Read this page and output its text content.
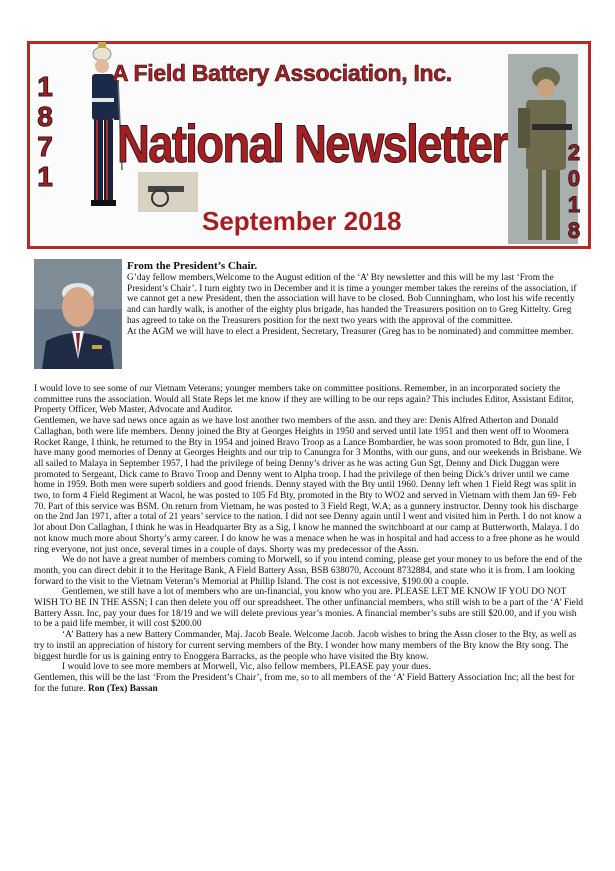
1
8
7
1
A Field Battery Association, Inc.
National Newsletter
September 2018
2
0
1
8
From the President’s Chair.

G’day fellow members,Welcome to the August edition of the ‘A’ Bty newsletter and this will be my last ‘From the President’s Chair’. I turn eighty two in December and it is time a younger member takes the rereins of the association, if we cannot get a new President, then the association will have to be closed. Bob Cunningham, who lost his wife recently and can hardly walk, is another of the eighty plus brigade, has handed the Treasurers position on to Greg Kittelty. Greg has agreed to take on the Treasurers position for the next two years with the approval of the committee.

At the AGM we will have to elect a President, Secretary, Treasurer (Greg has to be nominated) and committee member.

I would love to see some of our Vietnam Veterans; younger members take on committee positions. Remember, in an incorporated society the committee runs the association. Would all State Reps let me know if they are willing to be our reps again? This includes Editor, Assistant Editor, Property Officer, Web Master, Advocate and Auditor.

Gentlemen, we have sad news once again as we have lost another two members of the assn. and they are: Denis Alfred Atherton and Donald Callaghan, both were life members. Denny joined the Bty at Georges Heights in 1950 and served until late 1951 and then went off to Woomera Rocket Range, I think, he returned to the Bty in 1954 and joined Bravo Troop as a Lance Bombardier, he was soon promoted to Bdr, gun line, I have many good memories of Denny at Georges Heights and our trip to Canungra for 3 Months, with our guns, and our weekends in Brisbane. We all sailed to Malaya in September 1957, I had the privilege of being Denny’s driver as he was acting Gun Sgt, Denny and Dick Duggan were promoted to Sergeant, Dick came to Bravo Troop and Denny went to Alpha troop. I had the privilege of then being Dick’s driver until we came home in 1959. Both men were superb soldiers and good friends. Denny stayed with the Bty until 1960. Denny left when 1 Field Regt was split in two, to form 4 Field Regiment at Wacol, he was posted to 105 Fd Bty, promoted in the Bty to WO2 and served in Vietnam with them Jan 69- Feb 70. Part of this service was BSM. On return from Vietnam, he was posted to 3 Field Regt, W.A; as a gunnery instructor. Denny took his discharge on the 2nd Jan 1971, after a total of 21 years’ service to the nation. I did not see Denny again until I went and visited him in Perth. I do not know a lot about Don Callaghan, I think he was in Headquarter Bty as a Sig, I know he manned the switchboard at our camp at Butterworth, Malaya. I do not know much more about Shorty’s army career. I do know he was a menace when he was in hospital and had access to a free phone as he would ring everyone, not just once, several times in a couple of days. Shorty was my predecessor of the Assn.

We do not have a great number of members coming to Morwell, so if you intend coming, please get your money to us before the end of the month, you can direct debit it to the Heritage Bank, A Field Battery Assn, BSB 638070, Account 8732884, and state who it is from. I am looking forward to the visit to the Vietnam Veteran’s Memorial at Phillip Island. The cost is not excessive, $190.00 a couple.

Gentlemen, we still have a lot of members who are un-financial, you know who you are. PLEASE LET ME KNOW IF YOU DO NOT WISH TO BE IN THE ASSN; I can then delete you off our spreadsheet. The other unfinancial members, who still wish to be a part of the ‘A’ Field Battery Assn. Inc, pay your dues for 18/19 and we will delete previous year’s monies. A financial member’s subs are still $20.00, and if you wish to be a paid life member, it will cost $200.00

‘A’ Battery has a new Battery Commander, Maj. Jacob Beale. Welcome Jacob. Jacob wishes to bring the Assn closer to the Bty, as well as try to instil an appreciation of history for current serving members of the Bty. I wonder how many members of the Bty know the Bty song. The biggest hurdle for us is gaining entry to Enoggera Barracks, as the people who have visited the Bty know.

I would love to see more members at Morwell, Vic, also fellow members, PLEASE pay your dues.

Gentlemen, this will be the last ‘From the President’s Chair’, from me, so to all members of the ‘A’ Field Battery Association Inc; all the best for for the future. Ron (Tex) Bassan
